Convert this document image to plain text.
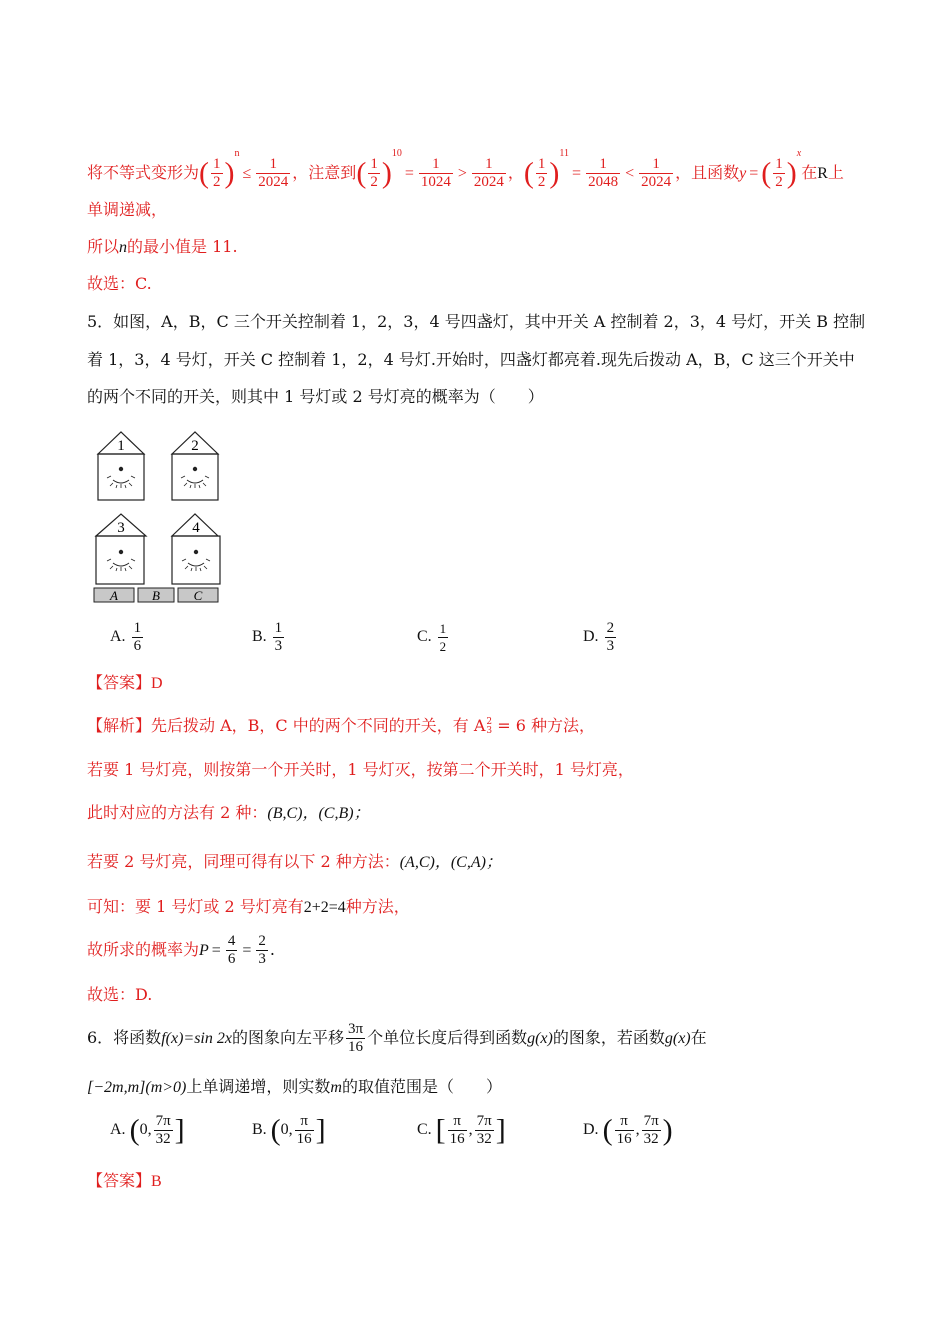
将不等式变形为( $\frac{1}{2} )^n\le \frac{1}{2024}$ ，注意到( $\frac{1}{2} )^{10}= \frac{1}{1024} > \frac{1}{2024}$ ，( $\frac{1}{2} )^{11}= \frac{1}{2048} < \frac{1}{2024}$ ，且函数y = ( $\frac{1}{2} )^x$在R上
单调递减，
所以n的最小值是 11.
故选：C.
5．如图，A，B，C 三个开关控制着 1，2，3，4 号四盏灯，其中开关 A 控制着 2，3，4 号灯，开关 B 控制
着 1，3，4 号灯，开关 C 控制着 1，2，4 号灯.开始时，四盏灯都亮着.现先后拨动 A，B，C 这三个开关中
的两个不同的开关，则其中 1 号灯或 2 号灯亮的概率为（　　）
1	2
3	4
A	B	C
A. $\frac{1}{6}$	B. $\frac{1}{3}$	C. $\frac{1}{2}$	D. $\frac{2}{3}$
【答案】D
【解析】先后拨动 A，B，C 中的两个不同的开关，有 A 2
3 = 6 种方法，
若要 1 号灯亮，则按第一个开关时，1 号灯灭，按第二个开关时，1 号灯亮，
此时对应的方法有 2 种：(B,C)，(C,B)；
若要 2 号灯亮，同理可得有以下 2 种方法：(A,C)，(C,A)；
可知：要 1 号灯或 2 号灯亮有2+2=4种方法，
故所求的概率为$P = \frac{4}{6} = \frac{2}{3}$ .
故选：D.
6．将函数f(x)=sin 2x的图象向左平移 $\frac{3\pi}{16}$ 个单位长度后得到函数g(x)的图象，若函数g(x)在
[−2m,m](m>0)上单调递增，则实数m的取值范围是（　　）
A. (0, $\frac{7\pi}{32}$ ]	B. (0, $\frac{\pi}{16}$ ]	C. [ $\frac{\pi}{16}$ , $\frac{7\pi}{32}$ ]	D. ( $\frac{\pi}{16}$ , $\frac{7\pi}{32}$ )
【答案】B
